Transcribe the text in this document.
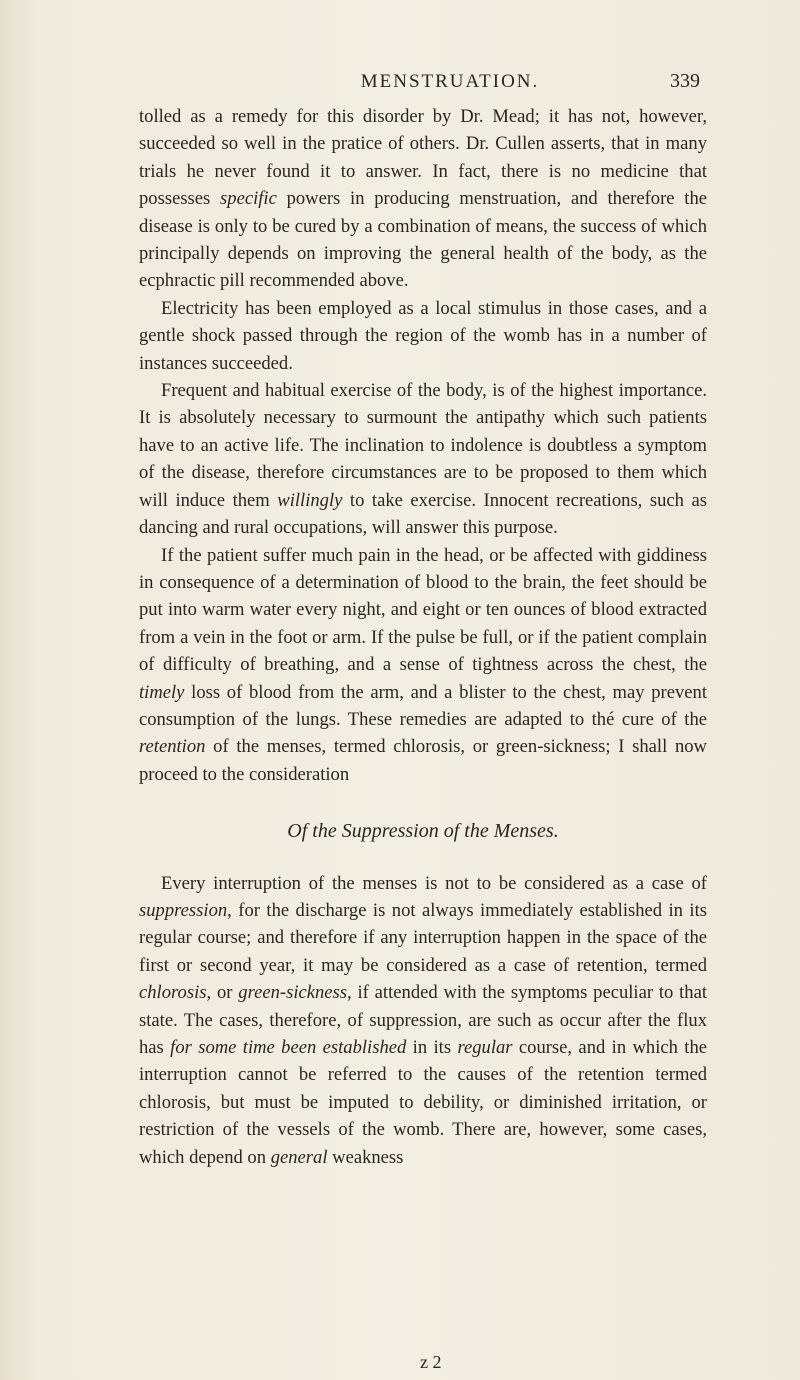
MENSTRUATION.	339

tolled as a remedy for this disorder by Dr. Mead; it has not, however, succeeded so well in the pratice of others. Dr. Cullen asserts, that in many trials he never found it to answer. In fact, there is no medicine that possesses specific powers in producing menstruation, and therefore the disease is only to be cured by a combination of means, the success of which principally depends on improving the general health of the body, as the ecphractic pill recommended above.

Electricity has been employed as a local stimulus in those cases, and a gentle shock passed through the region of the womb has in a number of instances succeeded.

Frequent and habitual exercise of the body, is of the highest importance. It is absolutely necessary to surmount the antipathy which such patients have to an active life. The inclination to indolence is doubtless a symptom of the disease, therefore circumstances are to be proposed to them which will induce them willingly to take exercise. Innocent recreations, such as dancing and rural occupations, will answer this purpose.

If the patient suffer much pain in the head, or be affected with giddiness in consequence of a determination of blood to the brain, the feet should be put into warm water every night, and eight or ten ounces of blood extracted from a vein in the foot or arm. If the pulse be full, or if the patient complain of difficulty of breathing, and a sense of tightness across the chest, the timely loss of blood from the arm, and a blister to the chest, may prevent consumption of the lungs. These remedies are adapted to thé cure of the retention of the menses, termed chlorosis, or green-sickness; I shall now proceed to the consideration

Of the Suppression of the Menses.

Every interruption of the menses is not to be considered as a case of suppression, for the discharge is not always immediately established in its regular course; and therefore if any interruption happen in the space of the first or second year, it may be considered as a case of retention, termed chlorosis, or green-sickness, if attended with the symptoms peculiar to that state. The cases, therefore, of suppression, are such as occur after the flux has for some time been established in its regular course, and in which the interruption cannot be referred to the causes of the retention termed chlorosis, but must be imputed to debility, or diminished irritation, or restriction of the vessels of the womb. There are, however, some cases, which depend on general weakness

z 2
